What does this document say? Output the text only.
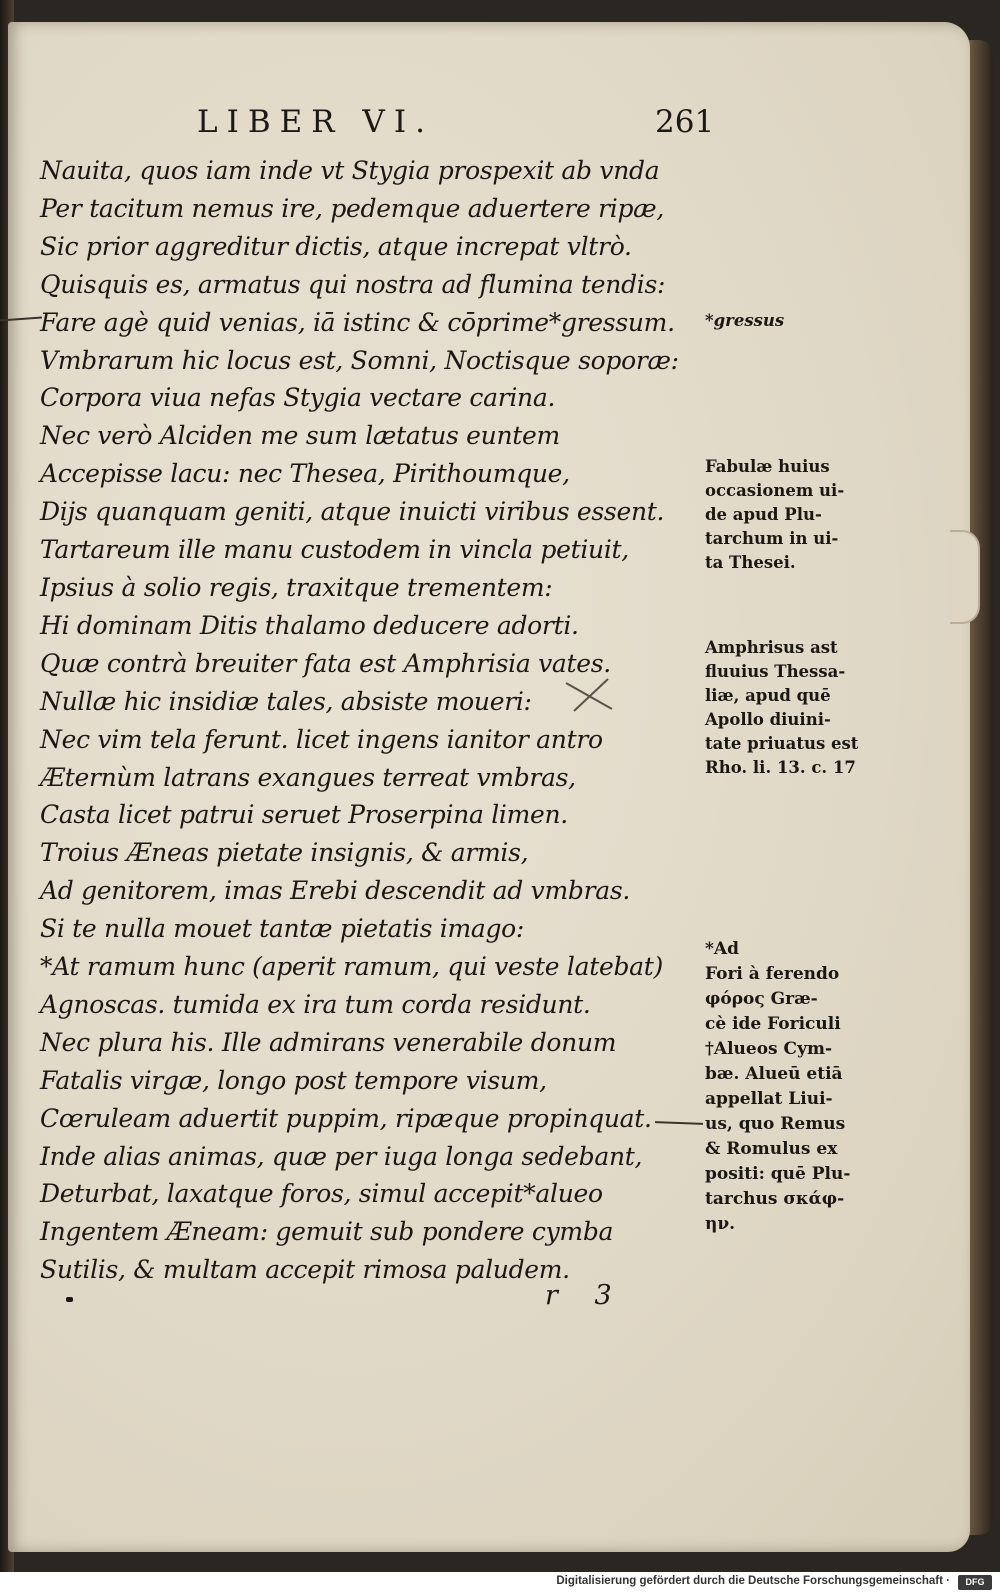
LIBER VI.	261
Nauita, quos iam inde vt Stygia prospexit ab vnda
Per tacitum nemus ire, pedemque aduertere ripæ,
Sic prior aggreditur dictis, atque increpat vltrò.
Quisquis es, armatus qui nostra ad flumina tendis:
Fare agè quid venias, iā istinc & cōprime*gressum.
Vmbrarum hic locus est, Somni, Noctisque soporæ:
Corpora viua nefas Stygia vectare carina.
Nec verò Alciden me sum lætatus euntem
Accepisse lacu: nec Thesea, Pirithoumque,
Dijs quanquam geniti, atque inuicti viribus essent.
Tartareum ille manu custodem in vincla petiuit,
Ipsius à solio regis, traxitque trementem:
Hi dominam Ditis thalamo deducere adorti.
Quæ contrà breuiter fata est Amphrisia vates.
Nullæ hic insidiæ tales, absiste moueri:
Nec vim tela ferunt. licet ingens ianitor antro
Æternùm latrans exangues terreat vmbras,
Casta licet patrui seruet Proserpina limen.
Troius Æneas pietate insignis, & armis,
Ad genitorem, imas Erebi descendit ad vmbras.
Si te nulla mouet tantæ pietatis imago:
*At ramum hunc (aperit ramum, qui veste latebat)
Agnoscas. tumida ex ira tum corda residunt.
Nec plura his. Ille admirans venerabile donum
Fatalis virgæ, longo post tempore visum,
Cœruleam aduertit puppim, ripæque propinquat.
Inde alias animas, quæ per iuga longa sedebant,
Deturbat, laxatque foros, simul accepit*alueo
Ingentem Æneam: gemuit sub pondere cymba
Sutilis, & multam accepit rimosa paludem.
*gressus
Fabulæ huius
occasionem ui-
de apud Plu-
tarchum in ui-
ta Thesei.
Amphrisus ast
fluuius Thessa-
liæ, apud quē
Apollo diuini-
tate priuatus est
Rho. li. 13. c. 17
*Ad
Fori à ferendo
φόρος Græ-
cè ide Foriculi
†Alueos Cym-
bæ. Alueū etiā
appellat Liui-
us, quo Remus
& Romulus ex
positi: quē Plu-
tarchus σκάφ-
ην.
r 3
Digitalisierung gefördert durch die Deutsche Forschungsgemeinschaft ·	DFG
